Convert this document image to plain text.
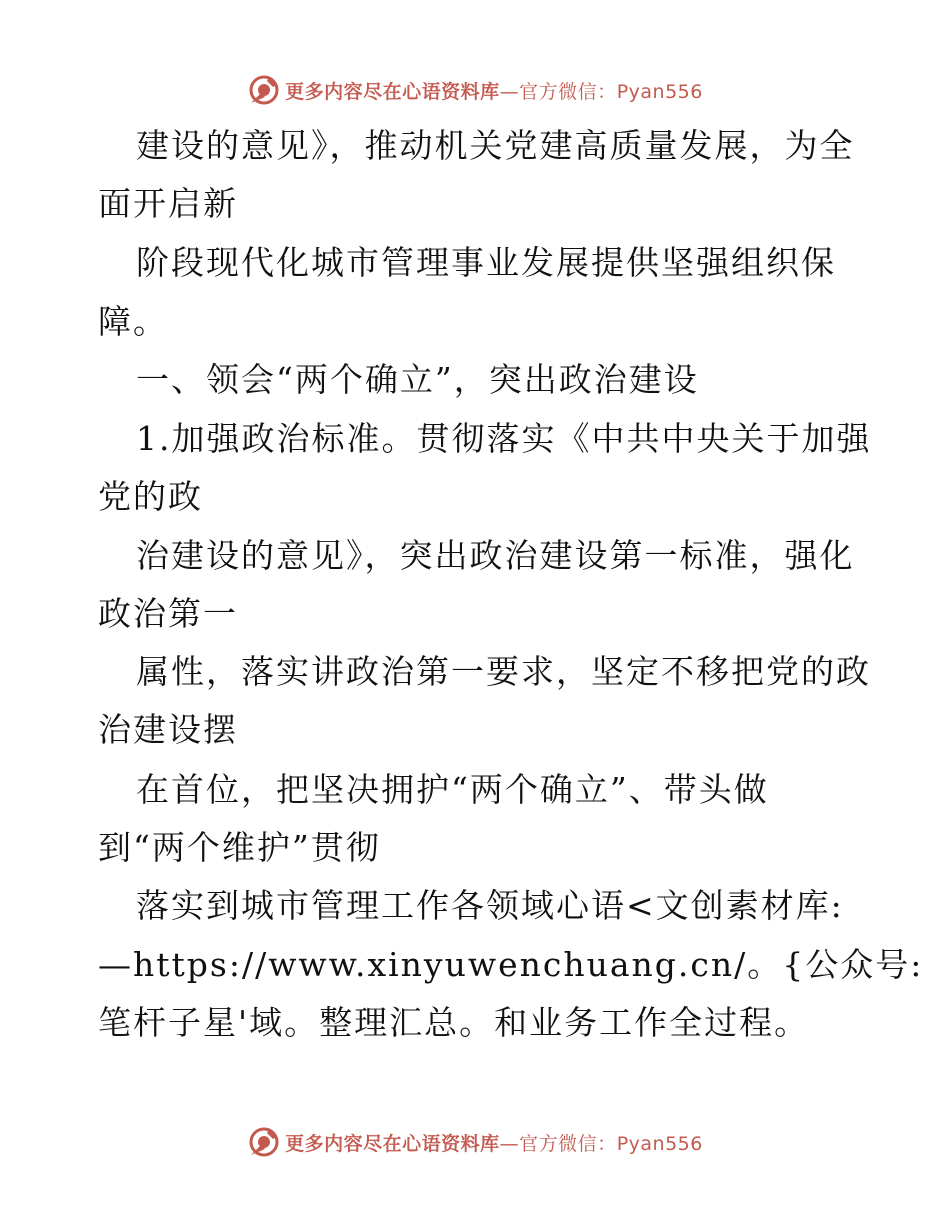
更多内容尽在心语资料库—官方微信：Pyan556
建设的意见》，推动机关党建高质量发展，为全
面开启新
阶段现代化城市管理事业发展提供坚强组织保
障。
一、领会“两个确立”，突出政治建设
1.加强政治标准。贯彻落实《中共中央关于加强
党的政
治建设的意见》，突出政治建设第一标准，强化
政治第一
属性，落实讲政治第一要求，坚定不移把党的政
治建设摆
在首位，把坚决拥护“两个确立”、带头做
到“两个维护”贯彻
落实到城市管理工作各领域心语<文创素材库:
—https://www.xinyuwenchuang.cn/。{公众号:
笔杆子星'域。整理汇总。和业务工作全过程。
更多内容尽在心语资料库—官方微信：Pyan556
